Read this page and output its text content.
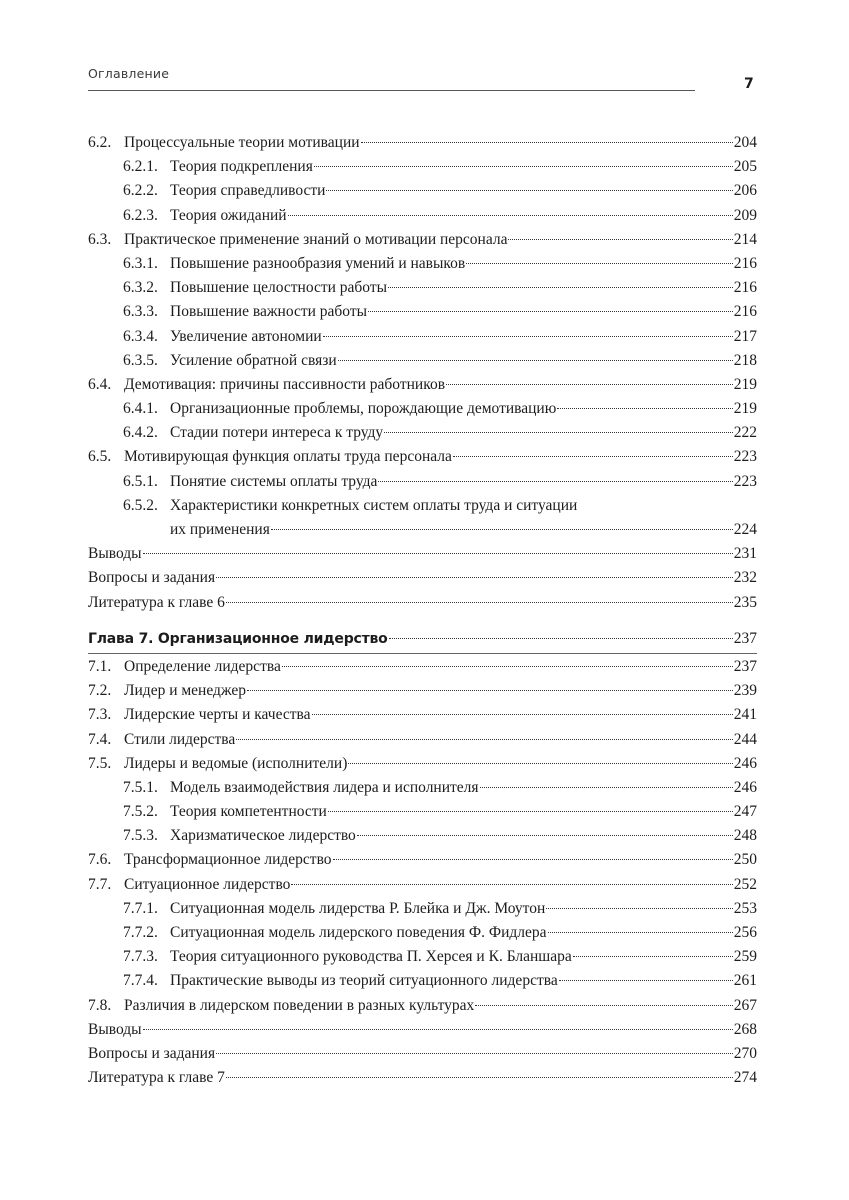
Оглавление
7
6.2. Процессуальные теории мотивации	204
6.2.1. Теория подкрепления	205
6.2.2. Теория справедливости	206
6.2.3. Теория ожиданий	209
6.3. Практическое применение знаний о мотивации персонала	214
6.3.1. Повышение разнообразия умений и навыков	216
6.3.2. Повышение целостности работы	216
6.3.3. Повышение важности работы	216
6.3.4. Увеличение автономии	217
6.3.5. Усиление обратной связи	218
6.4. Демотивация: причины пассивности работников	219
6.4.1. Организационные проблемы, порождающие демотивацию	219
6.4.2. Стадии потери интереса к труду	222
6.5. Мотивирующая функция оплаты труда персонала	223
6.5.1. Понятие системы оплаты труда	223
6.5.2. Характеристики конкретных систем оплаты труда и ситуации
их применения	224
Выводы	231
Вопросы и задания	232
Литература к главе 6	235
Глава 7. Организационное лидерство	237
7.1. Определение лидерства	237
7.2. Лидер и менеджер	239
7.3. Лидерские черты и качества	241
7.4. Стили лидерства	244
7.5. Лидеры и ведомые (исполнители)	246
7.5.1. Модель взаимодействия лидера и исполнителя	246
7.5.2. Теория компетентности	247
7.5.3. Харизматическое лидерство	248
7.6. Трансформационное лидерство	250
7.7. Ситуационное лидерство	252
7.7.1. Ситуационная модель лидерства Р. Блейка и Дж. Моутон	253
7.7.2. Ситуационная модель лидерского поведения Ф. Фидлера	256
7.7.3. Теория ситуационного руководства П. Херсея и К. Бланшара	259
7.7.4. Практические выводы из теорий ситуационного лидерства	261
7.8. Различия в лидерском поведении в разных культурах	267
Выводы	268
Вопросы и задания	270
Литература к главе 7	274
